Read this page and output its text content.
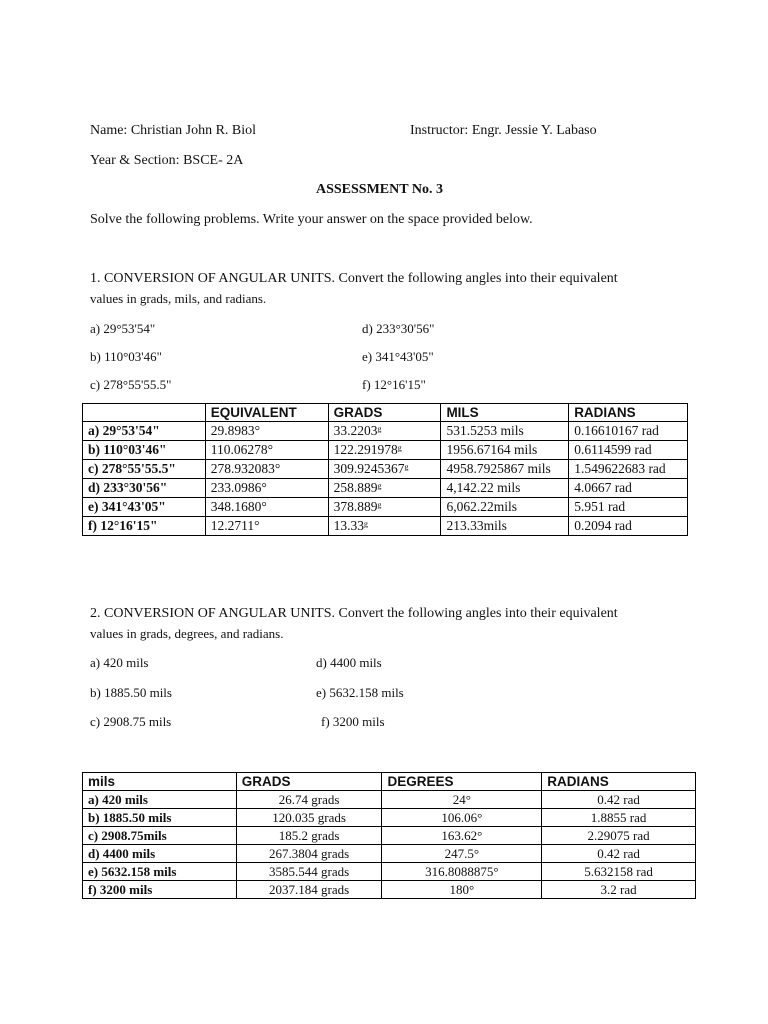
Name: Christian John R. Biol	Instructor: Engr. Jessie Y. Labaso
Year & Section: BSCE- 2A
ASSESSMENT No. 3
Solve the following problems. Write your answer on the space provided below.
1. CONVERSION OF ANGULAR UNITS. Convert the following angles into their equivalent
values in grads, mils, and radians.
a) 29°53'54"
b) 110°03'46"
c) 278°55'55.5"
d) 233°30'56"
e) 341°43'05"
f) 12°16'15"
	EQUIVALENT	GRADS	MILS	RADIANS
a) 29°53'54"	29.8983°	33.2203ᵍ	531.5253 mils	0.16610167 rad
b) 110°03'46"	110.06278°	122.291978ᵍ	1956.67164 mils	0.6114599 rad
c) 278°55'55.5"	278.932083°	309.9245367ᵍ	4958.7925867 mils	1.549622683 rad
d) 233°30'56"	233.0986°	258.889ᵍ	4,142.22 mils	4.0667 rad
e) 341°43'05"	348.1680°	378.889ᵍ	6,062.22mils	5.951 rad
f) 12°16'15"	12.2711°	13.33ᵍ	213.33mils	0.2094 rad
2. CONVERSION OF ANGULAR UNITS. Convert the following angles into their equivalent
values in grads, degrees, and radians.
a) 420 mils
b) 1885.50 mils
c) 2908.75 mils
d) 4400 mils
e) 5632.158 mils
f) 3200 mils
mils	GRADS	DEGREES	RADIANS
a) 420 mils	26.74 grads	24°	0.42 rad
b) 1885.50 mils	120.035 grads	106.06°	1.8855 rad
c) 2908.75mils	185.2 grads	163.62°	2.29075 rad
d) 4400 mils	267.3804 grads	247.5°	0.42 rad
e) 5632.158 mils	3585.544 grads	316.8088875°	5.632158 rad
f) 3200 mils	2037.184 grads	180°	3.2 rad
